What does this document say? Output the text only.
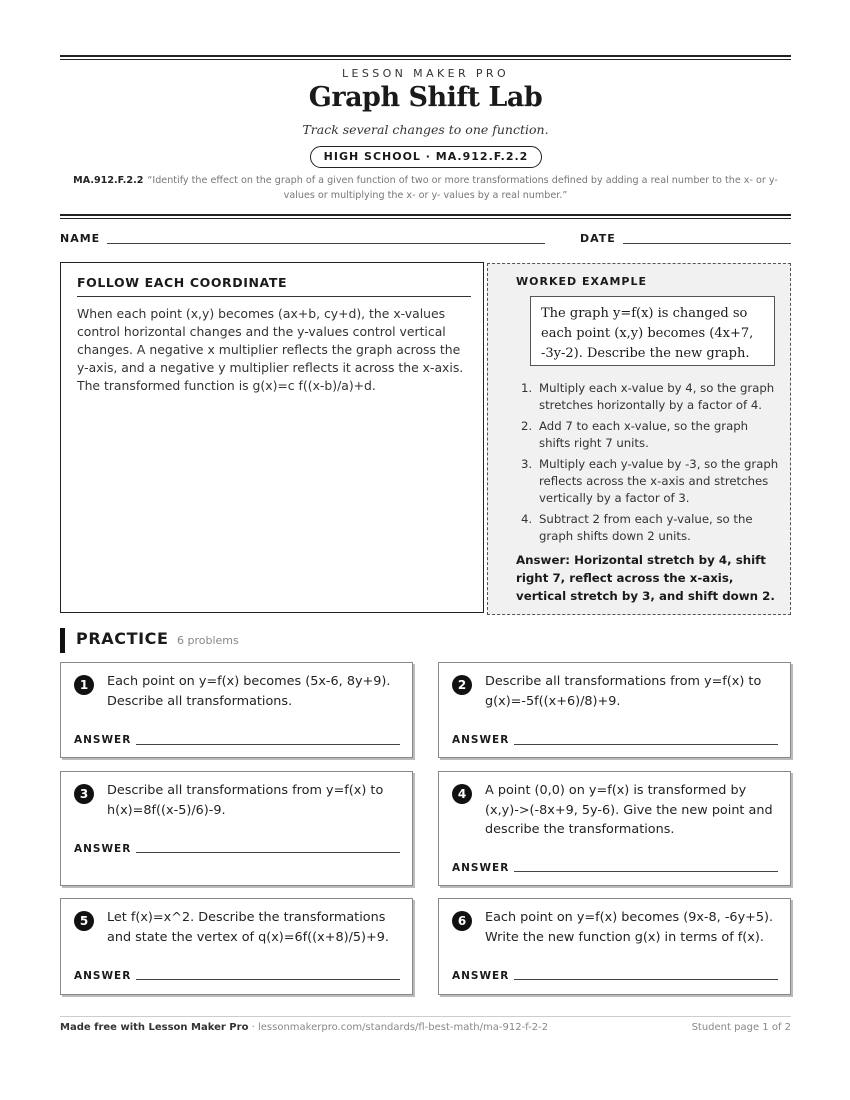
LESSON MAKER PRO
Graph Shift Lab
Track several changes to one function.
HIGH SCHOOL · MA.912.F.2.2
MA.912.F.2.2 “Identify the effect on the graph of a given function of two or more transformations defined by adding a real number to the x- or y- values or multiplying the x- or y- values by a real number.”
NAME	DATE
FOLLOW EACH COORDINATE
When each point (x,y) becomes (ax+b, cy+d), the x-values control horizontal changes and the y-values control vertical changes. A negative x multiplier reflects the graph across the y-axis, and a negative y multiplier reflects it across the x-axis. The transformed function is g(x)=c f((x-b)/a)+d.
WORKED EXAMPLE
The graph y=f(x) is changed so each point (x,y) becomes (4x+7, -3y-2). Describe the new graph.
1. Multiply each x-value by 4, so the graph stretches horizontally by a factor of 4.
2. Add 7 to each x-value, so the graph shifts right 7 units.
3. Multiply each y-value by -3, so the graph reflects across the x-axis and stretches vertically by a factor of 3.
4. Subtract 2 from each y-value, so the graph shifts down 2 units.
Answer: Horizontal stretch by 4, shift right 7, reflect across the x-axis, vertical stretch by 3, and shift down 2.
PRACTICE 6 problems
1	Each point on y=f(x) becomes (5x-6, 8y+9). Describe all transformations.
ANSWER
2	Describe all transformations from y=f(x) to g(x)=-5f((x+6)/8)+9.
ANSWER
3	Describe all transformations from y=f(x) to h(x)=8f((x-5)/6)-9.
ANSWER
4	A point (0,0) on y=f(x) is transformed by (x,y)->(-8x+9, 5y-6). Give the new point and describe the transformations.
ANSWER
5	Let f(x)=x^2. Describe the transformations and state the vertex of q(x)=6f((x+8)/5)+9.
ANSWER
6	Each point on y=f(x) becomes (9x-8, -6y+5). Write the new function g(x) in terms of f(x).
ANSWER
Made free with Lesson Maker Pro · lessonmakerpro.com/standards/fl-best-math/ma-912-f-2-2	Student page 1 of 2
